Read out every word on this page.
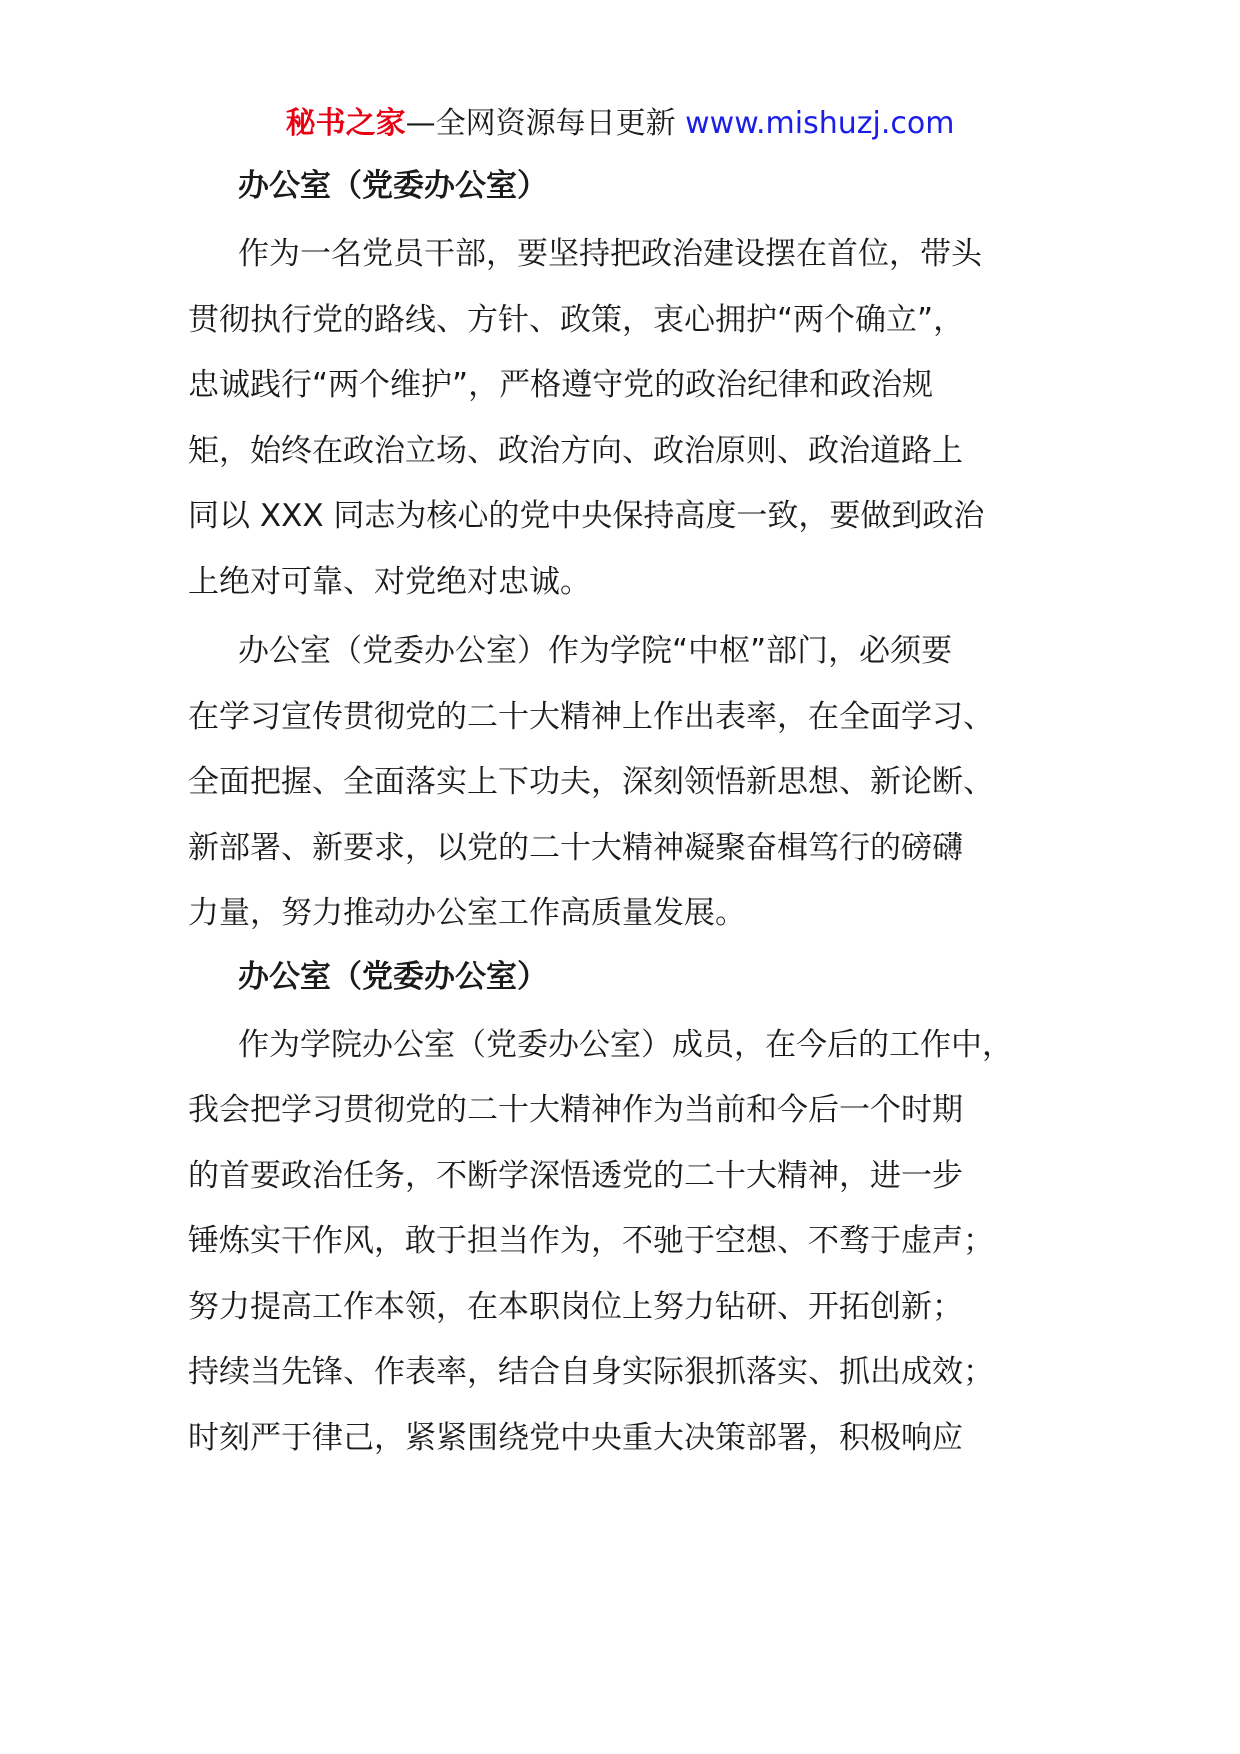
秘书之家—全网资源每日更新 www.mishuzj.com
办公室（党委办公室）
作为一名党员干部，要坚持把政治建设摆在首位，带头
贯彻执行党的路线、方针、政策，衷心拥护“两个确立”，
忠诚践行“两个维护”，严格遵守党的政治纪律和政治规
矩，始终在政治立场、政治方向、政治原则、政治道路上
同以 XXX 同志为核心的党中央保持高度一致，要做到政治
上绝对可靠、对党绝对忠诚。
办公室（党委办公室）作为学院“中枢”部门，必须要
在学习宣传贯彻党的二十大精神上作出表率，在全面学习、
全面把握、全面落实上下功夫，深刻领悟新思想、新论断、
新部署、新要求，以党的二十大精神凝聚奋楫笃行的磅礴
力量，努力推动办公室工作高质量发展。
办公室（党委办公室）
作为学院办公室（党委办公室）成员，在今后的工作中，
我会把学习贯彻党的二十大精神作为当前和今后一个时期
的首要政治任务，不断学深悟透党的二十大精神，进一步
锤炼实干作风，敢于担当作为，不驰于空想、不骛于虚声；
努力提高工作本领，在本职岗位上努力钻研、开拓创新；
持续当先锋、作表率，结合自身实际狠抓落实、抓出成效；
时刻严于律己，紧紧围绕党中央重大决策部署，积极响应
